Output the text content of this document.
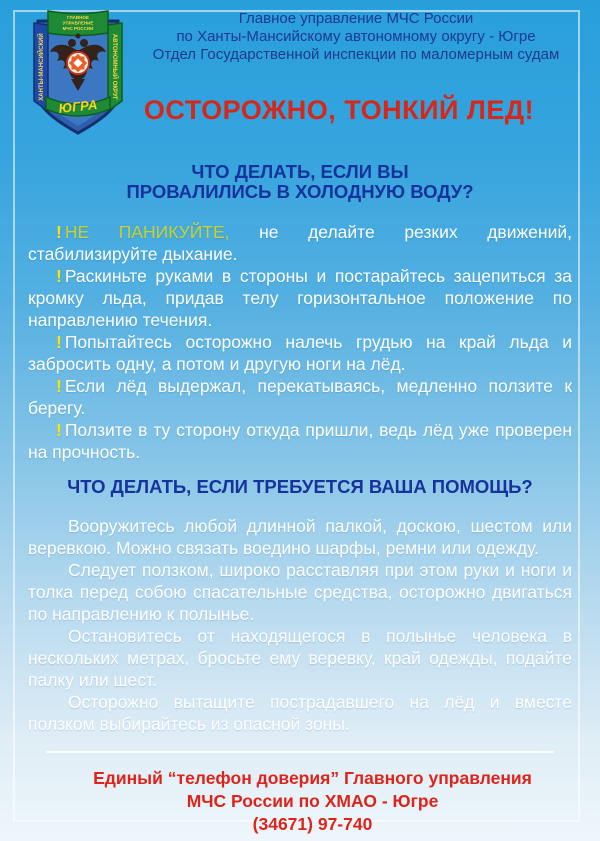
ГЛАВНОЕ
УПРАВЛЕНИЕ
МЧС РОССИИ
ХАНТЫ-МАНСИЙСКИЙ	АВТОНОМНЫЙ ОКРУГ
ЮГРА
Главное управление МЧС России
по Ханты-Мансийскому автономному округу - Югре
Отдел Государственной инспекции по маломерным судам
ОСТОРОЖНО, ТОНКИЙ ЛЕД!
ЧТО ДЕЛАТЬ, ЕСЛИ ВЫ
ПРОВАЛИЛИСЬ В ХОЛОДНУЮ ВОДУ?

! НЕ ПАНИКУЙТЕ, не делайте резких движений, стабилизируйте дыхание.

! Раскиньте руками в стороны и постарайтесь зацепиться за кромку льда, придав телу горизонтальное положение по направлению течения.

! Попытайтесь осторожно налечь грудью на край льда и забросить одну, а потом и другую ноги на лёд.

! Если лёд выдержал, перекатываясь, медленно ползите к берегу.

! Ползите в ту сторону откуда пришли, ведь лёд уже проверен на прочность.

ЧТО ДЕЛАТЬ, ЕСЛИ ТРЕБУЕТСЯ ВАША ПОМОЩЬ?

Вооружитесь любой длинной палкой, доскою, шестом или веревкою. Можно связать воедино шарфы, ремни или одежду.

Следует ползком, широко расставляя при этом руки и ноги и толка перед собою спасательные средства, осторожно двигаться по направлению к полынье.

Остановитесь от находящегося в полынье человека в нескольких метрах, бросьте ему веревку, край одежды, подайте палку или шест.

Осторожно вытащите пострадавшего на лёд и вместе ползком выбирайтесь из опасной зоны.

Единый “телефон доверия” Главного управления
МЧС России по ХМАО - Югре
(34671) 97-740
